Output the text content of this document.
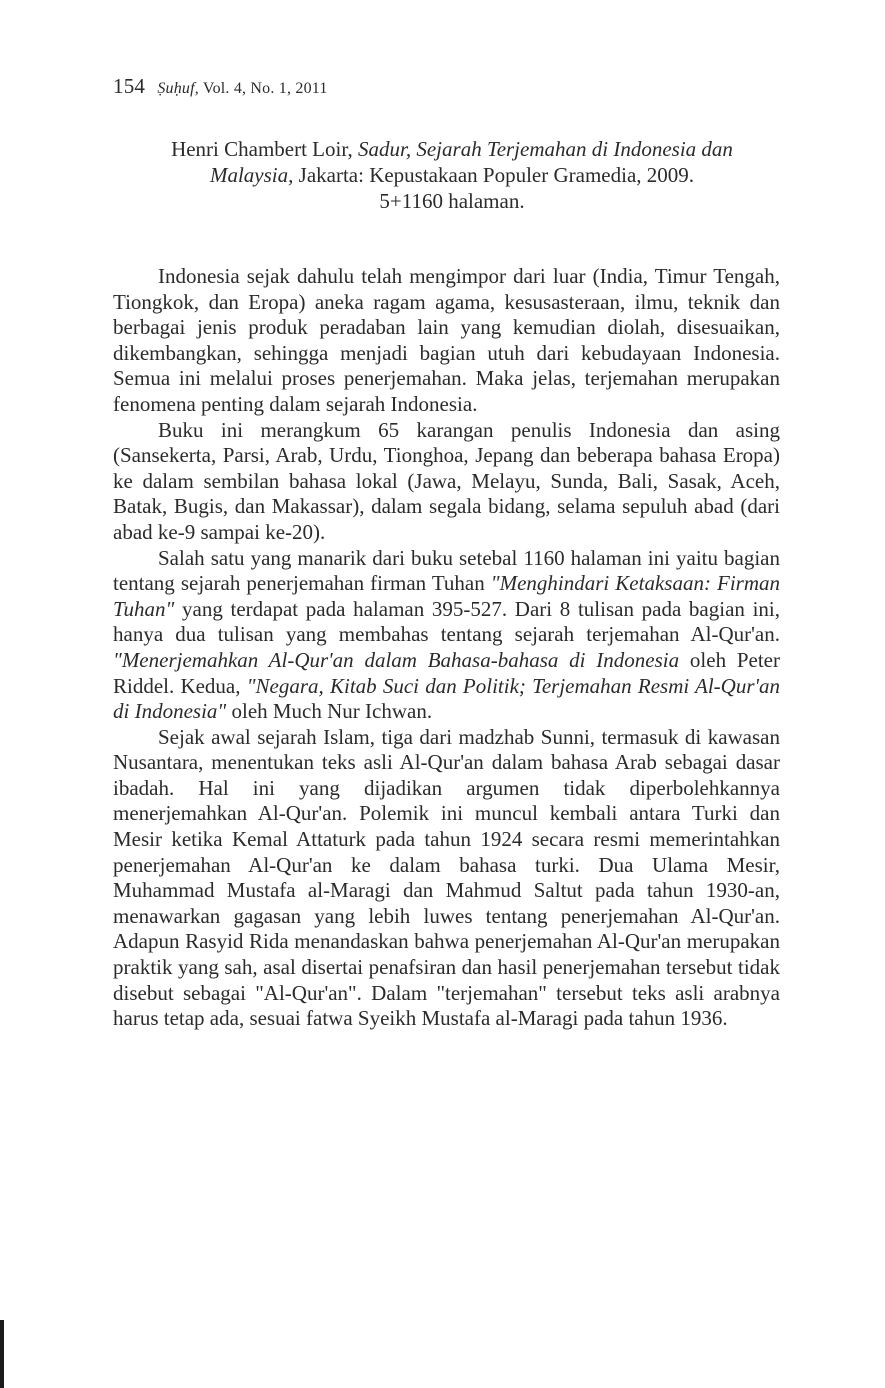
154 Ṣuḥuf, Vol. 4, No. 1, 2011
Henri Chambert Loir, Sadur, Sejarah Terjemahan di Indonesia dan
Malaysia, Jakarta: Kepustakaan Populer Gramedia, 2009.
5+1160 halaman.

Indonesia sejak dahulu telah mengimpor dari luar (India, Timur Tengah, Tiongkok, dan Eropa) aneka ragam agama, kesusasteraan, ilmu, teknik dan berbagai jenis produk peradaban lain yang kemudian diolah, disesuaikan, dikembangkan, sehingga menjadi bagian utuh dari kebudayaan Indonesia. Semua ini melalui proses penerjemahan. Maka jelas, terjemahan merupakan fenomena penting dalam sejarah Indonesia.

Buku ini merangkum 65 karangan penulis Indonesia dan asing (Sansekerta, Parsi, Arab, Urdu, Tionghoa, Jepang dan beberapa bahasa Eropa) ke dalam sembilan bahasa lokal (Jawa, Melayu, Sunda, Bali, Sasak, Aceh, Batak, Bugis, dan Makassar), dalam segala bidang, selama sepuluh abad (dari abad ke-9 sampai ke-20).

Salah satu yang manarik dari buku setebal 1160 halaman ini yaitu bagian tentang sejarah penerjemahan firman Tuhan "Menghindari Ketaksaan: Firman Tuhan" yang terdapat pada halaman 395-527. Dari 8 tulisan pada bagian ini, hanya dua tulisan yang membahas tentang sejarah terjemahan Al-Qur'an. "Menerjemahkan Al-Qur'an dalam Bahasa-bahasa di Indonesia oleh Peter Riddel. Kedua, "Negara, Kitab Suci dan Politik; Terjemahan Resmi Al-Qur'an di Indonesia" oleh Much Nur Ichwan.

Sejak awal sejarah Islam, tiga dari madzhab Sunni, termasuk di kawasan Nusantara, menentukan teks asli Al-Qur'an dalam bahasa Arab sebagai dasar ibadah. Hal ini yang dijadikan argumen tidak diperbolehkannya menerjemahkan Al-Qur'an. Polemik ini muncul kembali antara Turki dan Mesir ketika Kemal Attaturk pada tahun 1924 secara resmi memerintahkan penerjemahan Al-Qur'an ke dalam bahasa turki. Dua Ulama Mesir, Muhammad Mustafa al-Maragi dan Mahmud Saltut pada tahun 1930-an, menawarkan gagasan yang lebih luwes tentang penerjemahan Al-Qur'an. Adapun Rasyid Rida menandaskan bahwa penerjemahan Al-Qur'an merupakan praktik yang sah, asal disertai penafsiran dan hasil penerjemahan tersebut tidak disebut sebagai "Al-Qur'an". Dalam "terjemahan" tersebut teks asli arabnya harus tetap ada, sesuai fatwa Syeikh Mustafa al-Maragi pada tahun 1936.
